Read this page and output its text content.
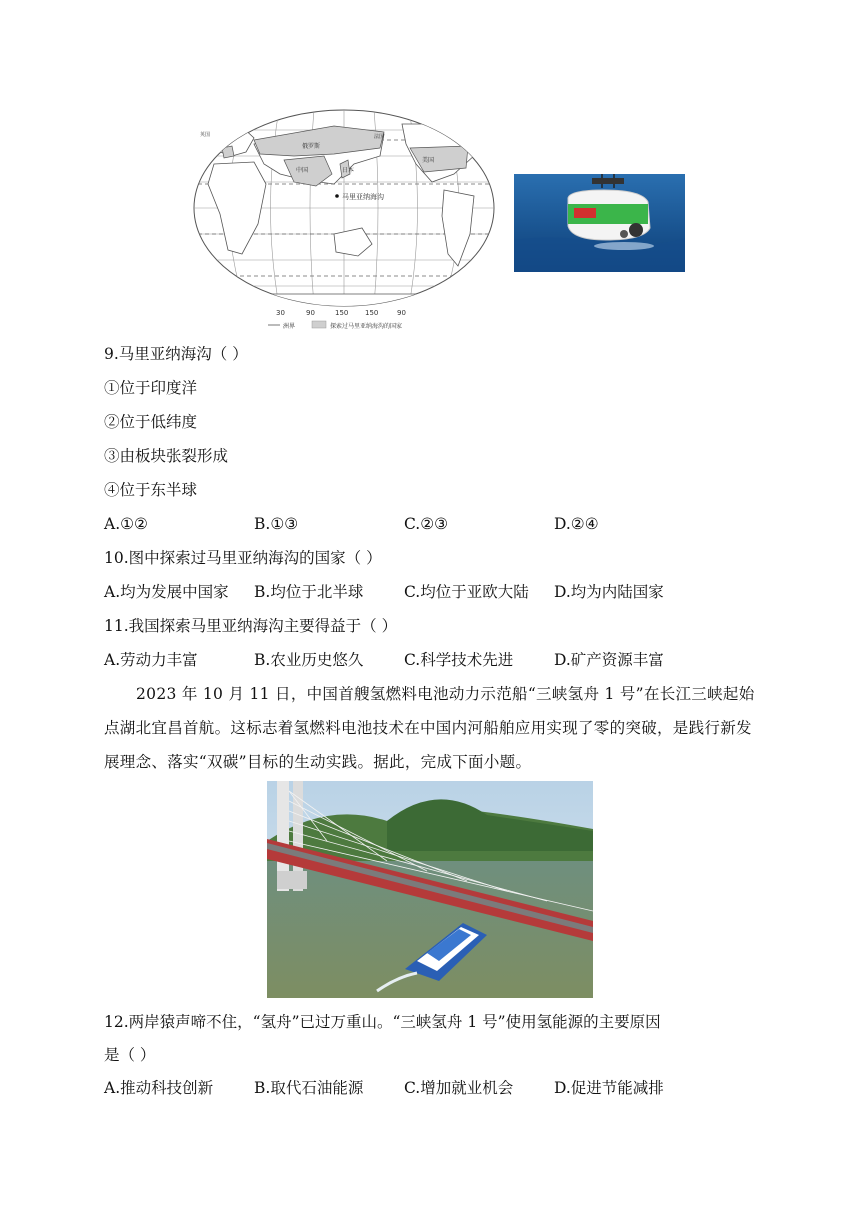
俄罗斯
中国	日本
美国
英国	法国
马里亚纳海沟
30	90	150 150	90
洲界	探索过马里亚纳海沟的国家
9.马里亚纳海沟（ ）
①位于印度洋
②位于低纬度
③由板块张裂形成
④位于东半球
A.①②	B.①③	C.②③	D.②④
10.图中探索过马里亚纳海沟的国家（ ）
A.均为发展中国家 B.均位于北半球	C.均位于亚欧大陆 D.均为内陆国家
11.我国探索马里亚纳海沟主要得益于（ ）
A.劳动力丰富	B.农业历史悠久	C.科学技术先进	D.矿产资源丰富
2023 年 10 月 11 日，中国首艘氢燃料电池动力示范船“三峡氢舟 1 号”在长江三峡起始点湖北宜昌首航。这标志着氢燃料电池技术在中国内河船舶应用实现了零的突破，是践行新发展理念、落实“双碳”目标的生动实践。据此，完成下面小题。
12.两岸猿声啼不住，“氢舟”已过万重山。“三峡氢舟 1 号”使用氢能源的主要原因
是（ ）
A.推动科技创新	B.取代石油能源	C.增加就业机会	D.促进节能减排
